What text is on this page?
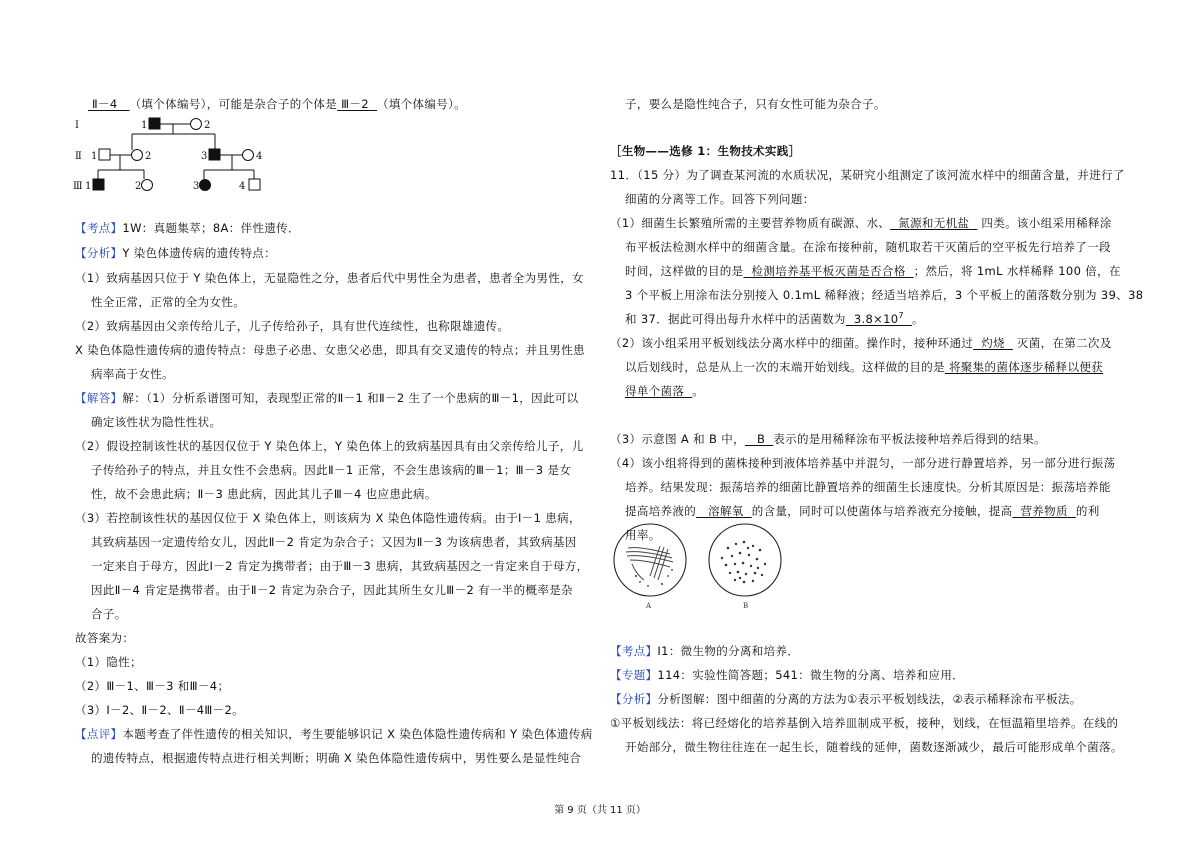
Ⅱ－4 （填个体编号），可能是杂合子的个体是 Ⅲ－2 （填个体编号）。
Ⅰ
Ⅱ
Ⅲ
1	2
1	2	3	4
1	2	3	4
【考点】1W：真题集萃；8A：伴性遗传．
【分析】Y 染色体遗传病的遗传特点：
（1）致病基因只位于 Y 染色体上，无显隐性之分，患者后代中男性全为患者，患者全为男性，女
性全正常，正常的全为女性。
（2）致病基因由父亲传给儿子，儿子传给孙子，具有世代连续性，也称限雄遗传。
X 染色体隐性遗传病的遗传特点：母患子必患、女患父必患，即具有交叉遗传的特点；并且男性患
病率高于女性。
【解答】解：（1）分析系谱图可知，表现型正常的Ⅱ－1 和Ⅱ－2 生了一个患病的Ⅲ－1，因此可以
确定该性状为隐性性状。
（2）假设控制该性状的基因仅位于 Y 染色体上，Y 染色体上的致病基因具有由父亲传给儿子，儿
子传给孙子的特点，并且女性不会患病。因此Ⅱ－1 正常，不会生患该病的Ⅲ－1；Ⅲ－3 是女
性，故不会患此病；Ⅱ－3 患此病，因此其儿子Ⅲ－4 也应患此病。
（3）若控制该性状的基因仅位于 X 染色体上，则该病为 X 染色体隐性遗传病。由于Ⅰ－1 患病，
其致病基因一定遗传给女儿，因此Ⅱ－2 肯定为杂合子；又因为Ⅱ－3 为该病患者，其致病基因
一定来自于母方，因此Ⅰ－2 肯定为携带者；由于Ⅲ－3 患病，其致病基因之一肯定来自于母方，
因此Ⅱ－4 肯定是携带者。由于Ⅱ－2 肯定为杂合子，因此其所生女儿Ⅲ－2 有一半的概率是杂
合子。
故答案为：
（1）隐性；
（2）Ⅲ－1、Ⅲ－3 和Ⅲ－4；
（3）Ⅰ－2、Ⅱ－2、Ⅱ－4Ⅲ－2。
【点评】本题考查了伴性遗传的相关知识，考生要能够识记 X 染色体隐性遗传病和 Y 染色体遗传病
的遗传特点，根据遗传特点进行相关判断；明确 X 染色体隐性遗传病中，男性要么是显性纯合
子，要么是隐性纯合子，只有女性可能为杂合子。
［生物——选修 1：生物技术实践］
11．（15 分）为了调查某河流的水质状况，某研究小组测定了该河流水样中的细菌含量，并进行了
细菌的分离等工作。回答下列问题：
（1）细菌生长繁殖所需的主要营养物质有碳源、水、 氮源和无机盐 四类。该小组采用稀释涂
布平板法检测水样中的细菌含量。在涂布接种前，随机取若干灭菌后的空平板先行培养了一段
时间，这样做的目的是 检测培养基平板灭菌是否合格 ；然后，将 1mL 水样稀释 100 倍，在
3 个平板上用涂布法分别接入 0.1mL 稀释液；经适当培养后，3 个平板上的菌落数分别为 39、38
和 37．据此可得出每升水样中的活菌数为 $3.8\times 10^7$ 。
（2）该小组采用平板划线法分离水样中的细菌。操作时，接种环通过 灼烧 灭菌，在第二次及
以后划线时，总是从上一次的末端开始划线。这样做的目的是 将聚集的菌体逐步稀释以便获
得单个菌落 。
（3）示意图 A 和 B 中， B 表示的是用稀释涂布平板法接种培养后得到的结果。
（4）该小组将得到的菌株接种到液体培养基中并混匀，一部分进行静置培养，另一部分进行振荡
培养。结果发现：振荡培养的细菌比静置培养的细菌生长速度快。分析其原因是：振荡培养能
提高培养液的 溶解氧 的含量，同时可以使菌体与培养液充分接触，提高 营养物质 的利
用率。
A	B
【考点】I1：微生物的分离和培养．
【专题】114：实验性简答题；541：微生物的分离、培养和应用．
【分析】分析图解：图中细菌的分离的方法为①表示平板划线法，②表示稀释涂布平板法。
①平板划线法：将已经熔化的培养基倒入培养皿制成平板，接种，划线，在恒温箱里培养。在线的
开始部分，微生物往往连在一起生长，随着线的延伸，菌数逐渐减少，最后可能形成单个菌落。
第 9 页（共 11 页）
